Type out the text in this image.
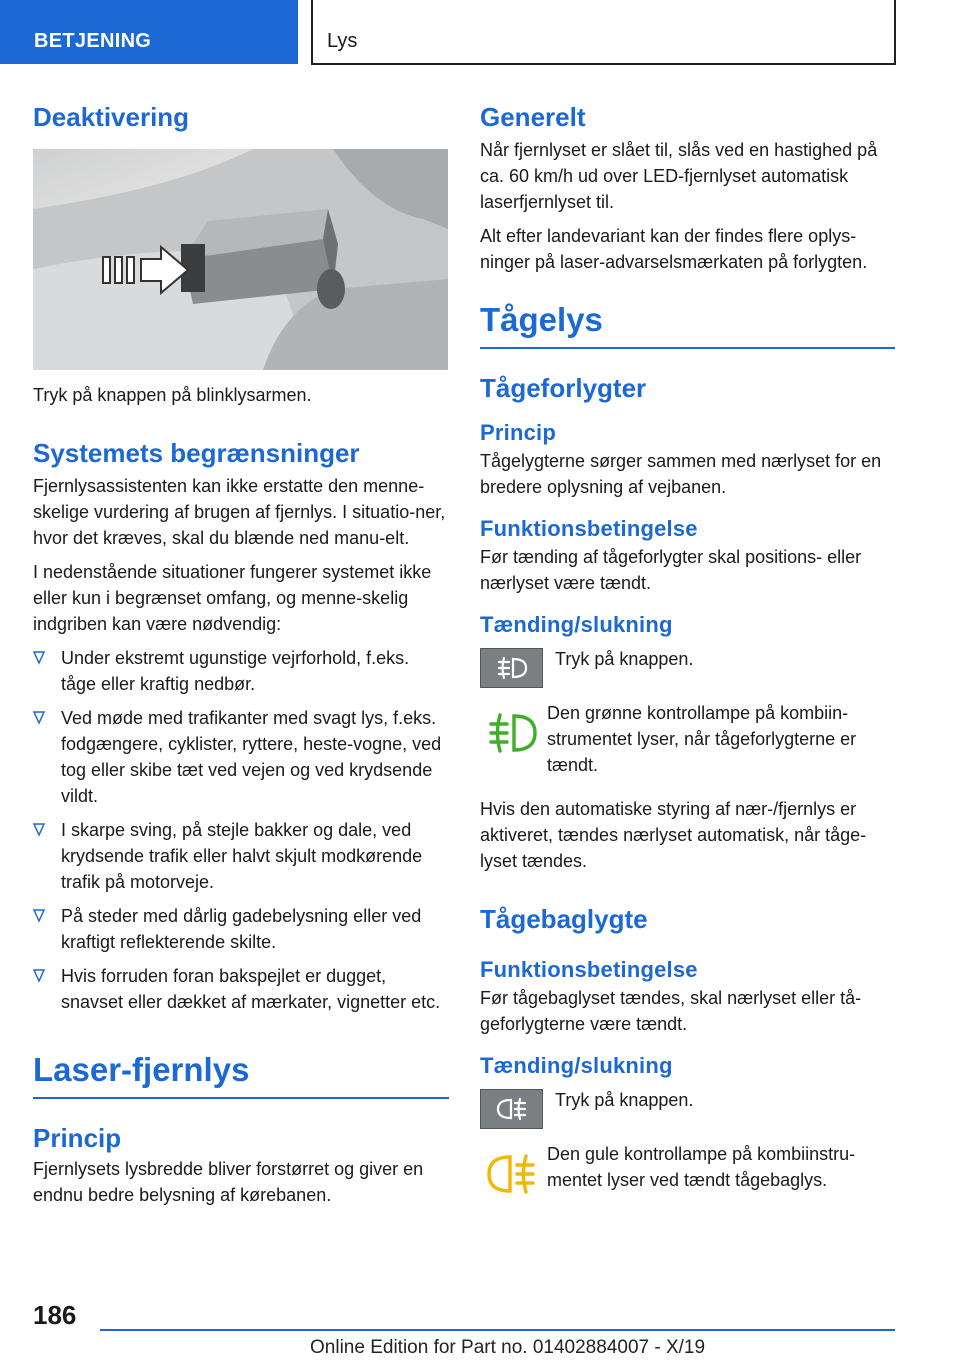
BETJENING	Lys
Deaktivering

Tryk på knappen på blinklysarmen.

Systemets begrænsninger

Fjernlysassistenten kan ikke erstatte den menne-skelige vurdering af brugen af fjernlys. I situatio-ner, hvor det kræves, skal du blænde ned manu-elt.

I nedenstående situationer fungerer systemet ikke eller kun i begrænset omfang, og menne-skelig indgriben kan være nødvendig:

Under ekstremt ugunstige vejrforhold, f.eks. tåge eller kraftig nedbør.
Ved møde med trafikanter med svagt lys, f.eks. fodgængere, cyklister, ryttere, heste-vogne, ved tog eller skibe tæt ved vejen og ved krydsende vildt.
I skarpe sving, på stejle bakker og dale, ved krydsende trafik eller halvt skjult modkørende trafik på motorveje.
På steder med dårlig gadebelysning eller ved kraftigt reflekterende skilte.
Hvis forruden foran bakspejlet er dugget, snavset eller dækket af mærkater, vignetter etc.
Laser-fjernlys
Princip

Fjernlysets lysbredde bliver forstørret og giver en endnu bedre belysning af kørebanen.

Generelt

Når fjernlyset er slået til, slås ved en hastighed på ca. 60 km/h ud over LED-fjernlyset automatisk laserfjernlyset til.

Alt efter landevariant kan der findes flere oplys-ninger på laser-advarselsmærkaten på forlygten.

Tågelys
Tågeforlygter
Princip

Tågelygterne sørger sammen med nærlyset for en bredere oplysning af vejbanen.

Funktionsbetingelse

Før tænding af tågeforlygter skal positions- eller nærlyset være tændt.

Tænding/slukning

Tryk på knappen.

Den grønne kontrollampe på kombiin-strumentet lyser, når tågeforlygterne er tændt.

Hvis den automatiske styring af nær-/fjernlys er aktiveret, tændes nærlyset automatisk, når tåge-lyset tændes.

Tågebaglygte
Funktionsbetingelse

Før tågebaglyset tændes, skal nærlyset eller tå-geforlygterne være tændt.

Tænding/slukning

Tryk på knappen.

Den gule kontrollampe på kombiinstru-mentet lyser ved tændt tågebaglys.

186
Online Edition for Part no. 01402884007 - X/19
